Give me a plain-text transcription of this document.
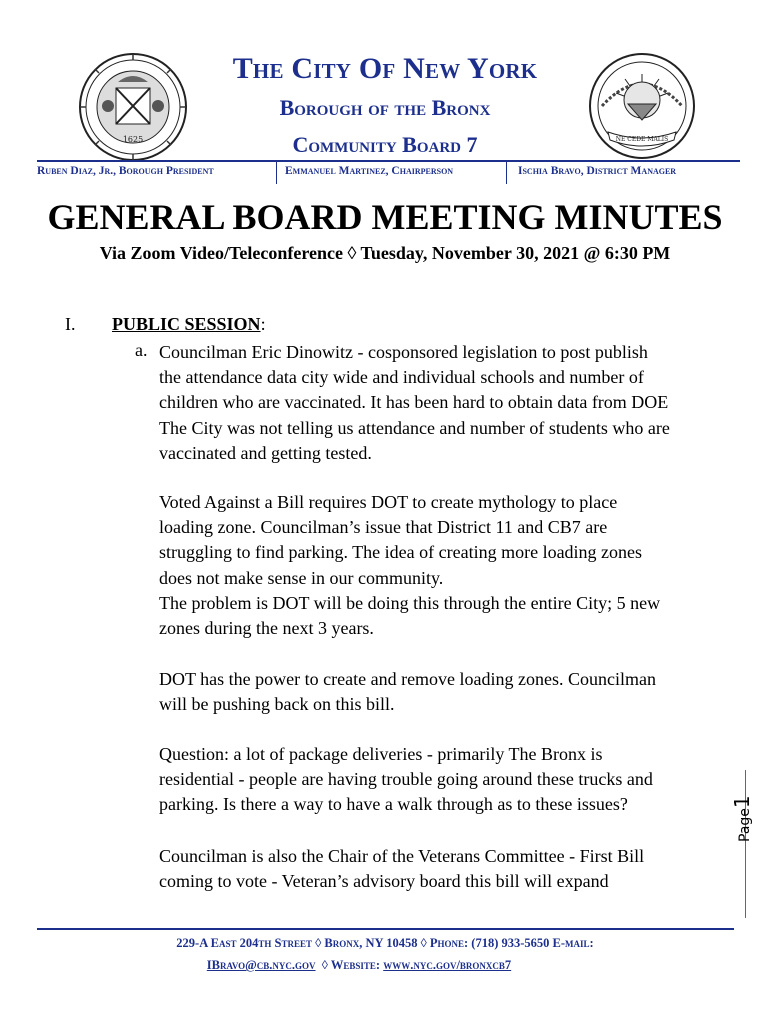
1625	NE CEDE MALIS
The City Of New York
Borough of the Bronx
Community Board 7
Ruben Diaz, Jr., Borough President	Emmanuel Martinez, Chairperson	Ischia Bravo, District Manager
GENERAL BOARD MEETING MINUTES
Via Zoom Video/Teleconference ◊ Tuesday, November 30, 2021 @ 6:30 PM
I. PUBLIC SESSION:
a. Councilman Eric Dinowitz - cosponsored legislation to post publish
the attendance data city wide and individual schools and number of
children who are vaccinated. It has been hard to obtain data from DOE
The City was not telling us attendance and number of students who are
vaccinated and getting tested.
Voted Against a Bill requires DOT to create mythology to place
loading zone. Councilman’s issue that District 11 and CB7 are
struggling to find parking. The idea of creating more loading zones
does not make sense in our community.
The problem is DOT will be doing this through the entire City; 5 new
zones during the next 3 years.
DOT has the power to create and remove loading zones. Councilman
will be pushing back on this bill.
Question: a lot of package deliveries - primarily The Bronx is
residential - people are having trouble going around these trucks and
parking. Is there a way to have a walk through as to these issues?
Councilman is also the Chair of the Veterans Committee - First Bill
coming to vote - Veteran’s advisory board this bill will expand
Page1
229-A East 204th Street ◊ Bronx, NY 10458 ◊ Phone: (718) 933-5650 E-mail:
IBravo@cb.nyc.gov ◊ Website: www.nyc.gov/bronxcb7
